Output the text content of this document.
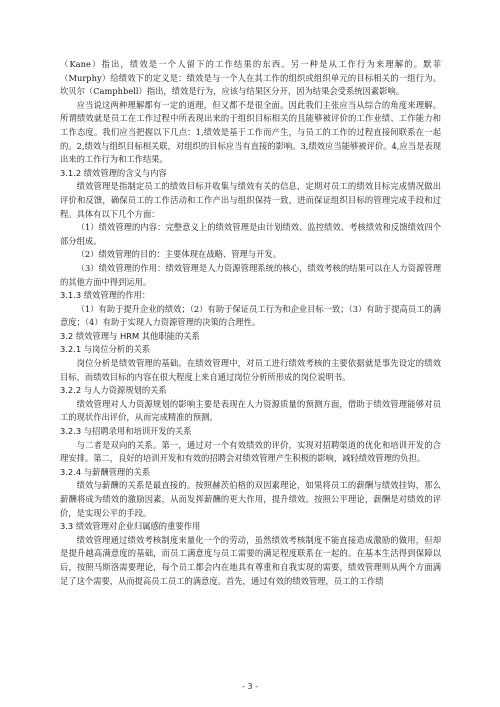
（Kane）指出，绩效是一个人留下的工作结果的东西。另一种是从工作行为来理解的。默菲（Murphy）给绩效下的定义是：绩效是与一个人在其工作的组织或组织单元的目标相关的一组行为。坎贝尔（Camphbell）指出，绩效是行为，应该与结果区分开，因为结果会受系统因素影响。

应当说这两种理解都有一定的道理，但又都不是很全面。因此我们主张应当从综合的角度来理解。所谓绩效就是员工在工作过程中所表现出来的于组织目标相关的且能够被评价的工作业绩、工作能力和工作态度。我们应当把握以下几点：1,绩效是基于工作而产生，与员工的工作的过程直接间联系在一起的。2,绩效与组织目标相关联，对组织的目标应当有直接的影响。3,绩效应当能够被评价。4,应当是表现出来的工作行为和工作结果。

3.1.2 绩效管理的含义与内容

绩效管理是指制定员工的绩效目标并收集与绩效有关的信息，定期对员工的绩效目标完成情况做出评价和反馈，确保员工的工作活动和工作产出与组织保持一致，进而保证组织目标的管理完成手段和过程。具体有以下几个方面：

（1）绩效管理的内容：完整意义上的绩效管理是由计划绩效、监控绩效、考核绩效和反馈绩效四个部分组成。

（2）绩效管理的目的：主要体现在战略、管理与开发。

（3）绩效管理的作用：绩效管理是人力资源管理系统的核心，绩效考核的结果可以在人力资源管理的其他方面中得到运用。

3.1.3 绩效管理的作用：

（1）有助于提升企业的绩效；（2）有助于保证员工行为和企业目标一致；（3）有助于提高员工的满意度；（4）有助于实现人力资源管理的决策的合理性。

3.2 绩效管理与 HRM 其他职能的关系
3.2.1 与岗位分析的关系

岗位分析是绩效管理的基础。在绩效管理中，对员工进行绩效考核的主要依据就是事先设定的绩效目标，而绩效目标的内容在很大程度上来自通过岗位分析所形成的岗位说明书。

3.2.2 与人力资源规划的关系

绩效管理对人力资源规划的影响主要是表现在人力资源质量的预测方面，借助于绩效管理能够对员工的现状作出评价，从而完成精准的预测。

3.2.3 与招聘录用和培训开发的关系

与二者是双向的关系。第一，通过对一个有效绩效的评价，实现对招聘渠道的优化和培训开发的合理安排。第二，良好的培训开发和有效的招聘会对绩效管理产生积极的影响，减轻绩效管理的负担。

3.2.4 与薪酬管理的关系

绩效与薪酬的关系是最直接的。按照赫茨伯格的双因素理论，如果将员工的薪酬与绩效挂钩，那么薪酬将成为绩效的激励因素，从而发挥薪酬的更大作用，提升绩效。按照公平理论，薪酬是对绩效的评价，是实现公平的手段。

3.3 绩效管理对企业归属感的重要作用

绩效管理通过绩效考核制度来量化一个的劳动，虽然绩效考核制度不能直接造成激励的做用，但却是提升越高满意度的基础，而员工满意度与员工需要的满足程度联系在一起的。在基本生活得到保障以后，按照马斯洛需要理论，每个员工都会内在地具有尊重和自我实现的需要，绩效管理则从两个方面满足了这个需要，从而提高员工员工的满意度。首先，通过有效的绩效管理，员工的工作绩

- 3 -
